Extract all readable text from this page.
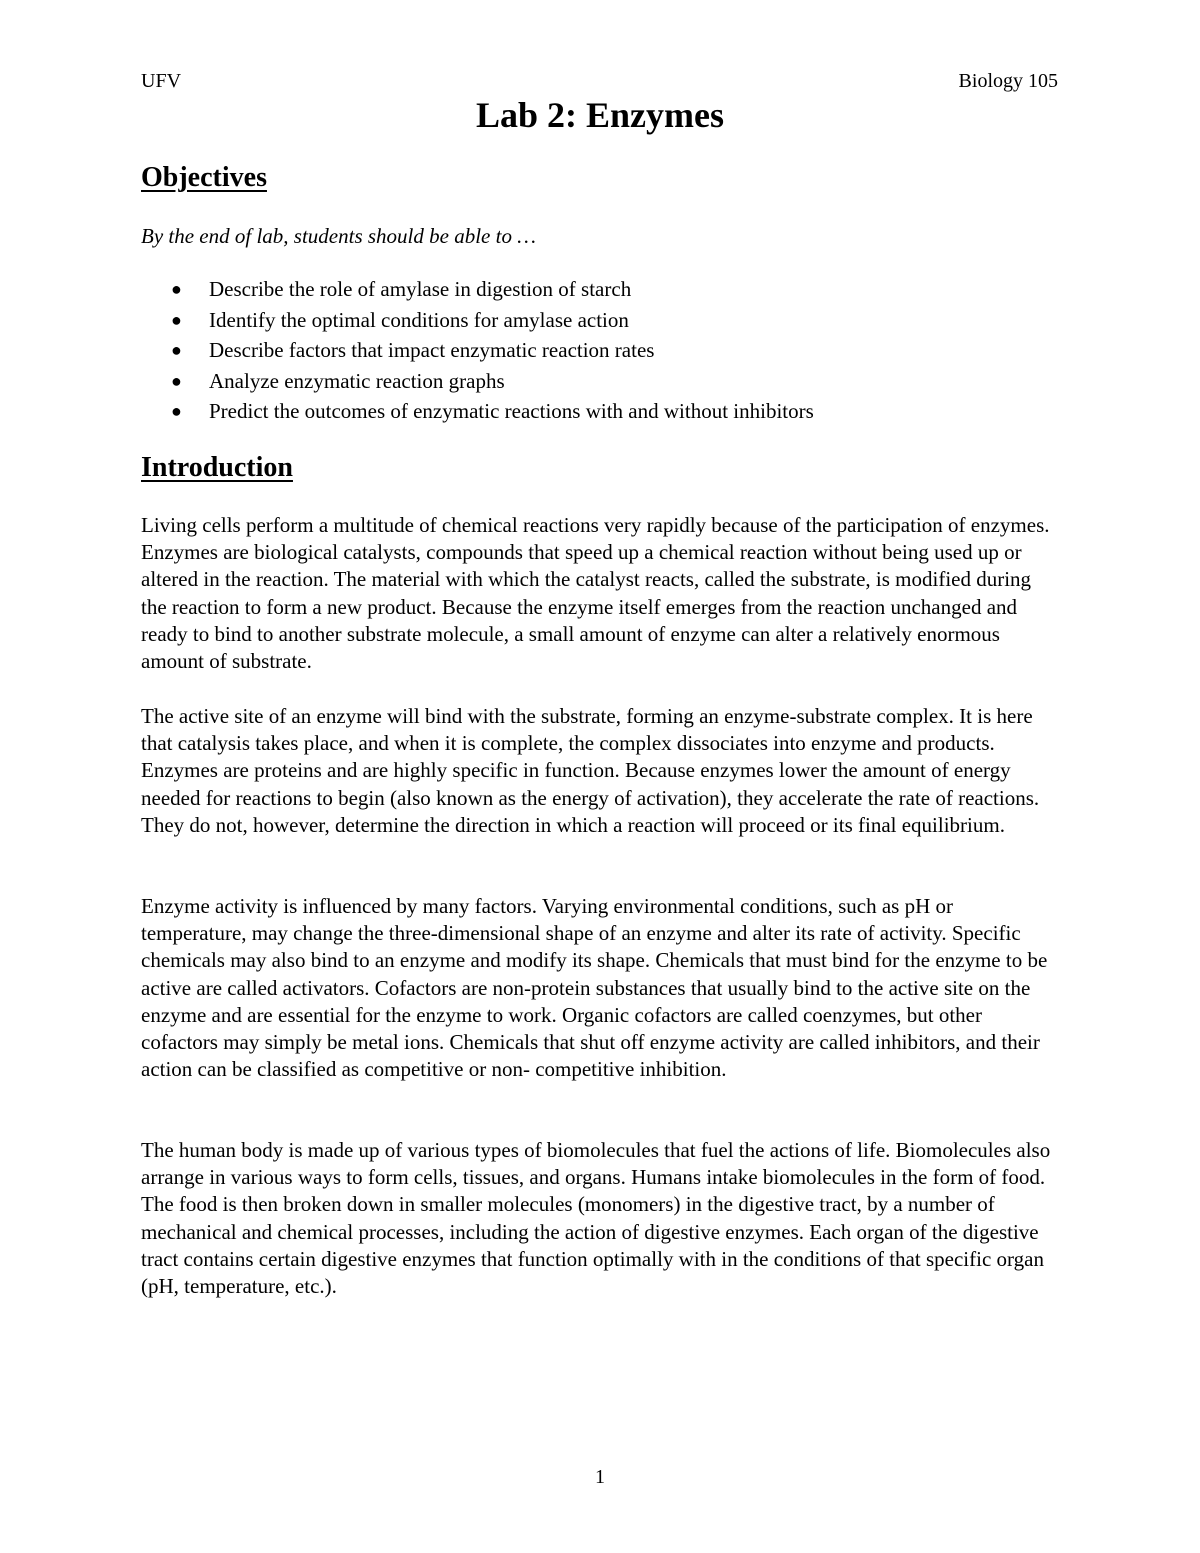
UFV	Biology 105
Lab 2: Enzymes
Objectives
By the end of lab, students should be able to …
● Describe the role of amylase in digestion of starch
● Identify the optimal conditions for amylase action
● Describe factors that impact enzymatic reaction rates
● Analyze enzymatic reaction graphs
● Predict the outcomes of enzymatic reactions with and without inhibitors
Introduction

Living cells perform a multitude of chemical reactions very rapidly because of the participation of enzymes. Enzymes are biological catalysts, compounds that speed up a chemical reaction without being used up or altered in the reaction. The material with which the catalyst reacts, called the substrate, is modified during the reaction to form a new product. Because the enzyme itself emerges from the reaction unchanged and ready to bind to another substrate molecule, a small amount of enzyme can alter a relatively enormous amount of substrate.

The active site of an enzyme will bind with the substrate, forming an enzyme-substrate complex. It is here that catalysis takes place, and when it is complete, the complex dissociates into enzyme and products. Enzymes are proteins and are highly specific in function. Because enzymes lower the amount of energy needed for reactions to begin (also known as the energy of activation), they accelerate the rate of reactions. They do not, however, determine the direction in which a reaction will proceed or its final equilibrium.

Enzyme activity is influenced by many factors. Varying environmental conditions, such as pH or temperature, may change the three-dimensional shape of an enzyme and alter its rate of activity. Specific chemicals may also bind to an enzyme and modify its shape. Chemicals that must bind for the enzyme to be active are called activators. Cofactors are non-protein substances that usually bind to the active site on the enzyme and are essential for the enzyme to work. Organic cofactors are called coenzymes, but other cofactors may simply be metal ions. Chemicals that shut off enzyme activity are called inhibitors, and their action can be classified as competitive or non- competitive inhibition.

The human body is made up of various types of biomolecules that fuel the actions of life. Biomolecules also arrange in various ways to form cells, tissues, and organs. Humans intake biomolecules in the form of food. The food is then broken down in smaller molecules (monomers) in the digestive tract, by a number of mechanical and chemical processes, including the action of digestive enzymes. Each organ of the digestive tract contains certain digestive enzymes that function optimally with in the conditions of that specific organ (pH, temperature, etc.).

1
